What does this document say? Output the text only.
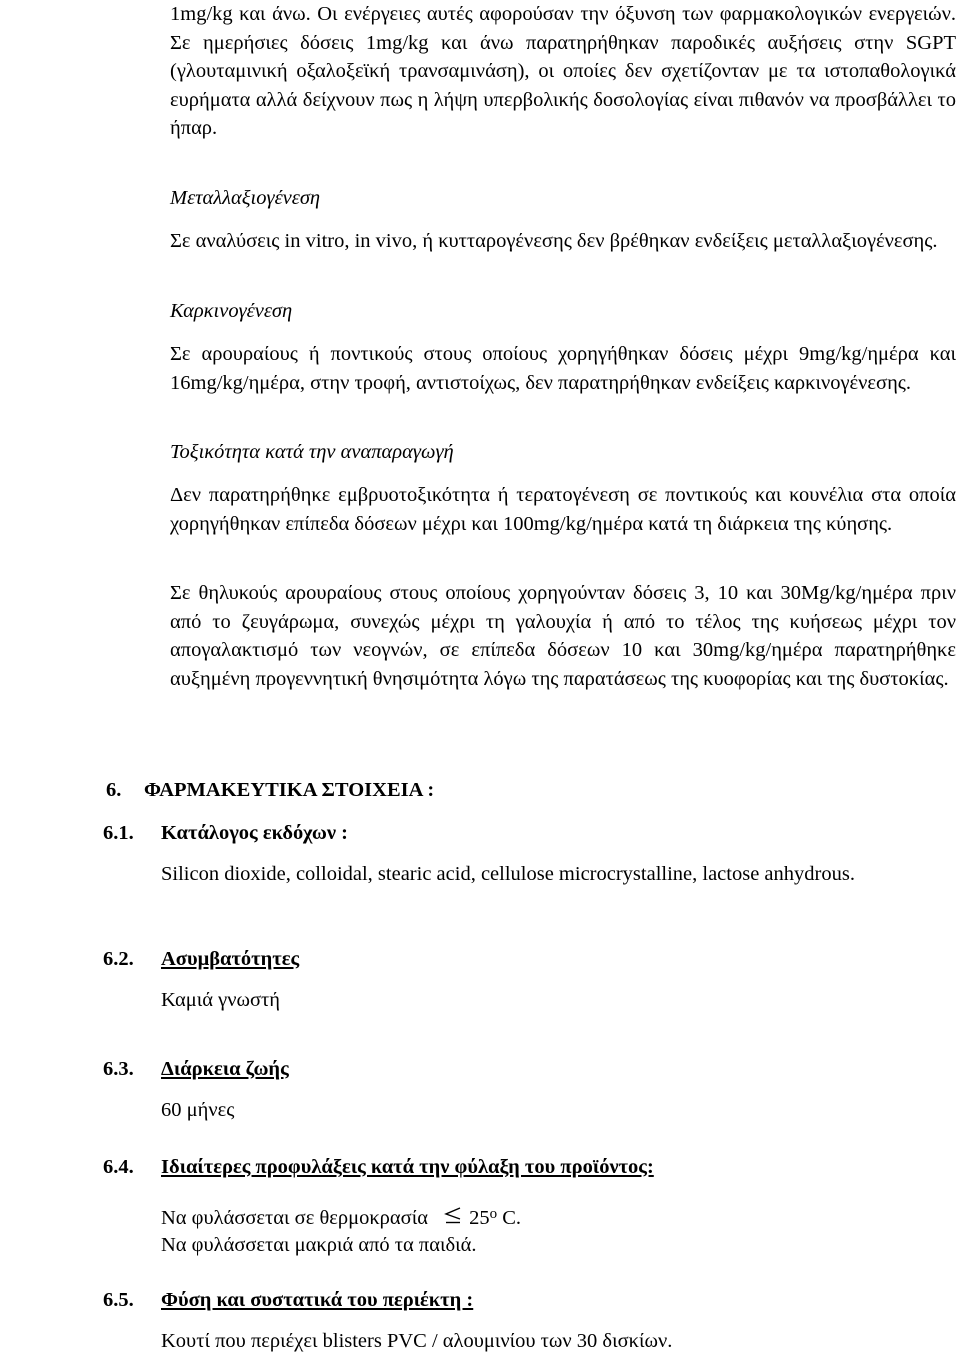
1mg/kg και άνω. Οι ενέργειες αυτές αφορούσαν την όξυνση των φαρμακολογικών ενεργειών. Σε ημερήσιες δόσεις 1mg/kg και άνω παρατηρήθηκαν παροδικές αυξήσεις στην SGPT (γλουταμινική οξαλοξεϊκή τρανσαμινάση), οι οποίες δεν σχετίζονταν με τα ιστοπαθολογικά ευρήματα αλλά δείχνουν πως η λήψη υπερβολικής δοσολογίας είναι πιθανόν να προσβάλλει το ήπαρ.

Μεταλλαξιογένεση

Σε αναλύσεις in vitro, in vivo, ή κυτταρογένεσης δεν βρέθηκαν ενδείξεις μεταλλαξιογένεσης.

Καρκινογένεση

Σε αρουραίους ή ποντικούς στους οποίους χορηγήθηκαν δόσεις μέχρι 9mg/kg/ημέρα και 16mg/kg/ημέρα, στην τροφή, αντιστοίχως, δεν παρατηρήθηκαν ενδείξεις καρκινογένεσης.

Τοξικότητα κατά την αναπαραγωγή

Δεν παρατηρήθηκε εμβρυοτοξικότητα ή τερατογένεση σε ποντικούς και κουνέλια στα οποία χορηγήθηκαν επίπεδα δόσεων μέχρι και 100mg/kg/ημέρα κατά τη διάρκεια της κύησης.

Σε θηλυκούς αρουραίους στους οποίους χορηγούνταν δόσεις 3, 10 και 30Mg/kg/ημέρα πριν από το ζευγάρωμα, συνεχώς μέχρι τη γαλουχία ή από το τέλος της κυήσεως μέχρι τον απογαλακτισμό των νεογνών, σε επίπεδα δόσεων 10 και 30mg/kg/ημέρα παρατηρήθηκε αυξημένη προγεννητική θνησιμότητα λόγω της παρατάσεως της κυοφορίας και της δυστοκίας.

6. ΦΑΡΜΑΚΕΥΤΙΚΑ ΣΤΟΙΧΕΙΑ :
6.1. Κατάλογος εκδόχων :

Silicon dioxide, colloidal, stearic acid, cellulose microcrystalline, lactose anhydrous.

6.2. Ασυμβατότητες

Καμιά γνωστή

6.3. Διάρκεια ζωής

60 μήνες

6.4. Ιδιαίτερες προφυλάξεις κατά την φύλαξη του προϊόντος:
Να φυλάσσεται σε θερμοκρασία 25$^o$ C.
Να φυλάσσεται μακριά από τα παιδιά.
6.5. Φύση και συστατικά του περιέκτη :

Κουτί που περιέχει blisters PVC / αλουμινίου των 30 δισκίων.
